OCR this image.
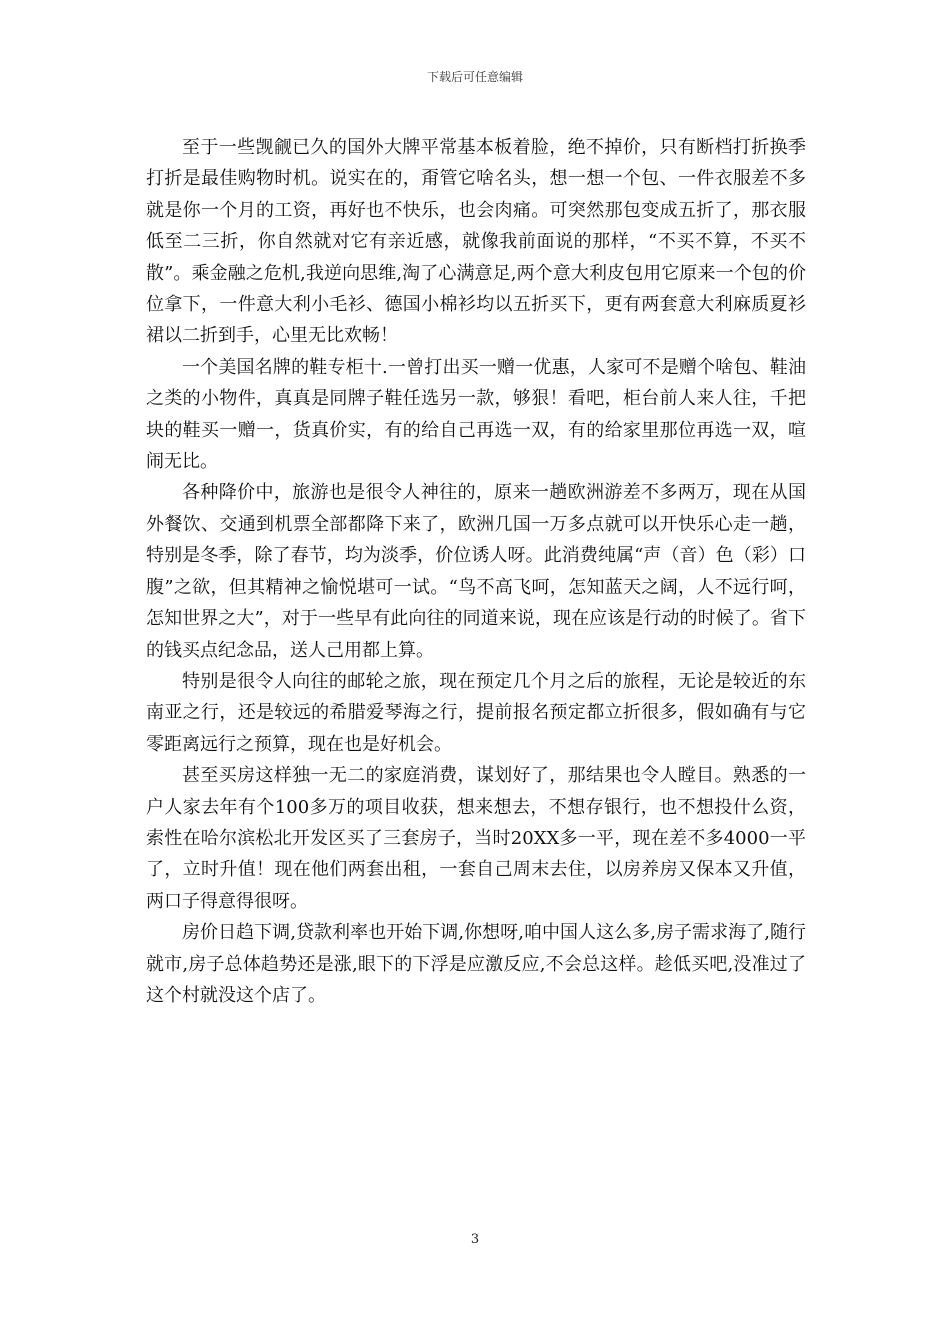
下载后可任意编辑

至于一些觊觎已久的国外大牌平常基本板着脸，绝不掉价，只有断档打折换季打折是最佳购物时机。说实在的，甭管它啥名头，想一想一个包、一件衣服差不多就是你一个月的工资，再好也不快乐，也会肉痛。可突然那包变成五折了，那衣服低至二三折，你自然就对它有亲近感，就像我前面说的那样，“不买不算，不买不散”。乘金融之危机,我逆向思维,淘了心满意足,两个意大利皮包用它原来一个包的价位拿下，一件意大利小毛衫、德国小棉衫均以五折买下，更有两套意大利麻质夏衫裙以二折到手，心里无比欢畅！

一个美国名牌的鞋专柜十.一曾打出买一赠一优惠，人家可不是赠个啥包、鞋油之类的小物件，真真是同牌子鞋任选另一款，够狠！看吧，柜台前人来人往，千把块的鞋买一赠一，货真价实，有的给自己再选一双，有的给家里那位再选一双，喧闹无比。

各种降价中，旅游也是很令人神往的，原来一趟欧洲游差不多两万，现在从国外餐饮、交通到机票全部都降下来了，欧洲几国一万多点就可以开快乐心走一趟，特别是冬季，除了春节，均为淡季，价位诱人呀。此消费纯属“声（音）色（彩）口腹”之欲，但其精神之愉悦堪可一试。“鸟不高飞呵，怎知蓝天之阔，人不远行呵，怎知世界之大”，对于一些早有此向往的同道来说，现在应该是行动的时候了。省下的钱买点纪念品，送人己用都上算。

特别是很令人向往的邮轮之旅，现在预定几个月之后的旅程，无论是较近的东南亚之行，还是较远的希腊爱琴海之行，提前报名预定都立折很多，假如确有与它零距离远行之预算，现在也是好机会。

甚至买房这样独一无二的家庭消费，谋划好了，那结果也令人瞠目。熟悉的一户人家去年有个100多万的项目收获，想来想去，不想存银行，也不想投什么资，索性在哈尔滨松北开发区买了三套房子，当时20XX多一平，现在差不多4000一平了，立时升值！现在他们两套出租，一套自己周末去住，以房养房又保本又升值，两口子得意得很呀。

房价日趋下调,贷款利率也开始下调,你想呀,咱中国人这么多,房子需求海了,随行就市,房子总体趋势还是涨,眼下的下浮是应激反应,不会总这样。趁低买吧,没准过了这个村就没这个店了。

3
